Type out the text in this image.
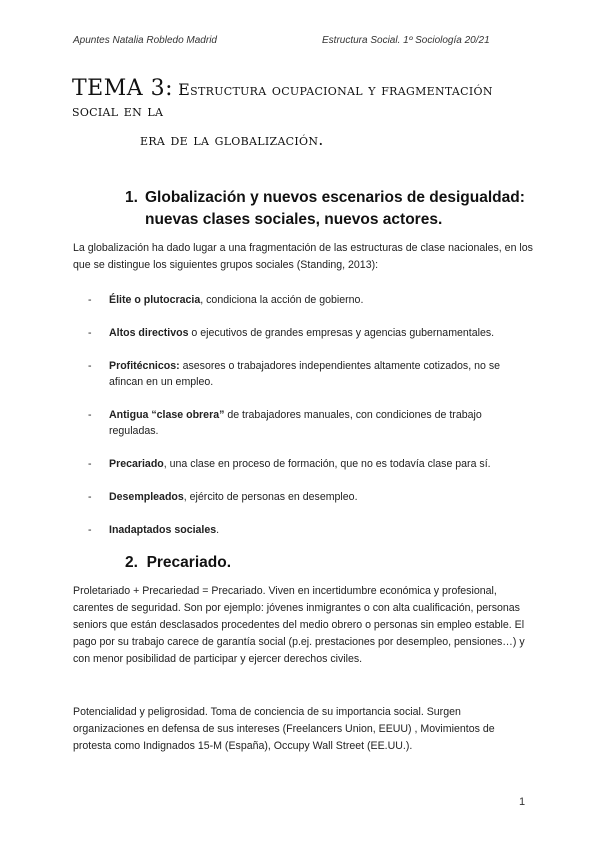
Apuntes Natalia Robledo Madrid	Estructura Social. 1º Sociología 20/21
TEMA 3: Estructura ocupacional y fragmentación social en la
era de la globalización.
1. Globalización y nuevos escenarios de desigualdad:
nuevas clases sociales, nuevos actores.
La globalización ha dado lugar a una fragmentación de las estructuras de clase nacionales, en los que se distingue los siguientes grupos sociales (Standing, 2013):
- Élite o plutocracia, condiciona la acción de gobierno.
- Altos directivos o ejecutivos de grandes empresas y agencias gubernamentales.
- Profitécnicos: asesores o trabajadores independientes altamente cotizados, no se afincan en un empleo.
- Antigua “clase obrera” de trabajadores manuales, con condiciones de trabajo reguladas.
- Precariado, una clase en proceso de formación, que no es todavía clase para sí.
- Desempleados, ejército de personas en desempleo.
- Inadaptados sociales.
2. Precariado.
Proletariado + Precariedad = Precariado. Viven en incertidumbre económica y profesional, carentes de seguridad. Son por ejemplo: jóvenes inmigrantes o con alta cualificación, personas seniors que están desclasados procedentes del medio obrero o personas sin empleo estable. El pago por su trabajo carece de garantía social (p.ej. prestaciones por desempleo, pensiones…) y con menor posibilidad de participar y ejercer derechos civiles.
Potencialidad y peligrosidad. Toma de conciencia de su importancia social. Surgen organizaciones en defensa de sus intereses (Freelancers Union, EEUU) , Movimientos de protesta como Indignados 15-M (España), Occupy Wall Street (EE.UU.).
1
